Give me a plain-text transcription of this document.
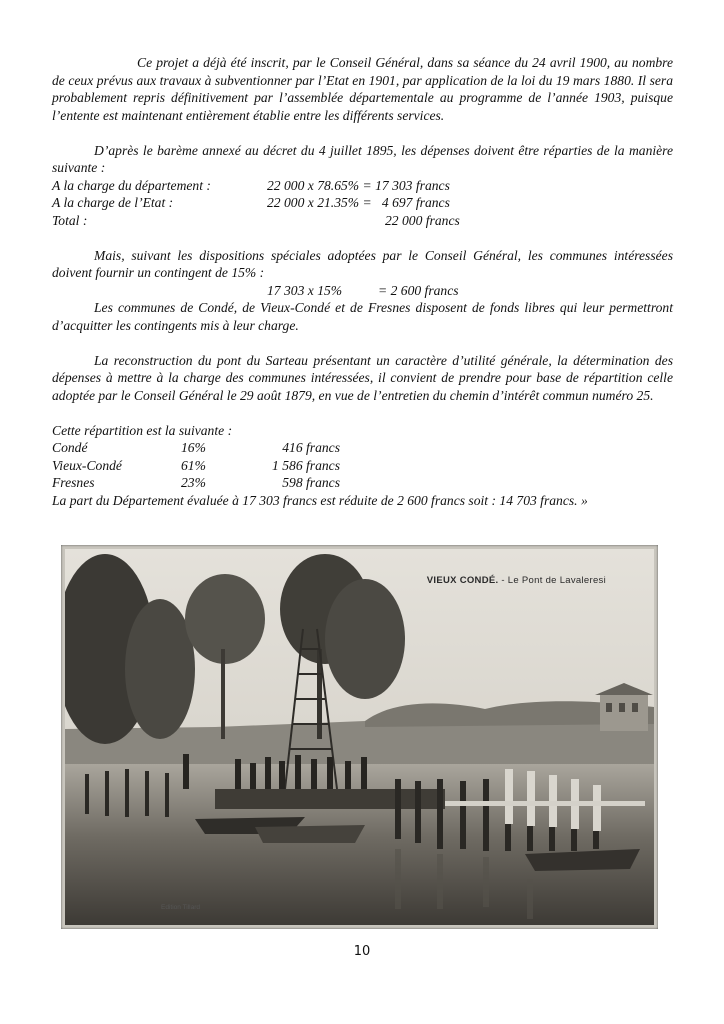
Ce projet a déjà été inscrit, par le Conseil Général, dans sa séance du 24 avril 1900, au nombre de ceux prévus aux travaux à subventionner par l’Etat en 1901, par application de la loi du 19 mars 1880. Il sera probablement repris définitivement par l’assemblée départementale au programme de l’année 1903, puisque l’entente est maintenant entièrement établie entre les différents services.

D’après le barème annexé au décret du 4 juillet 1895, les dépenses doivent être réparties de la manière suivante :

A la charge du département :	22 000 x 78.65% = 17 303 francs
A la charge de l’Etat :	22 000 x 21.35% =   4 697 francs
Total :	22 000 francs

Mais, suivant les dispositions spéciales adoptées par le Conseil Général, les communes intéressées doivent fournir un contingent de 15% :

17 303 x 15%	= 2 600 francs

Les communes de Condé, de Vieux-Condé et de Fresnes disposent de fonds libres qui leur permettront d’acquitter les contingents mis à leur charge.

La reconstruction du pont du Sarteau présentant un caractère d’utilité générale, la détermination des dépenses à mettre à la charge des communes intéressées, il convient de prendre pour base de répartition celle adoptée par le Conseil Général le 29 août 1879, en vue de l’entretien du chemin d’intérêt commun numéro 25.

Cette répartition est la suivante :

Condé	16%	416 francs
Vieux-Condé	61%	1 586 francs
Fresnes	23%	598 francs

La part du Département évaluée à 17 303 francs est réduite de 2 600 francs soit : 14 703 francs. »

VIEUX CONDÉ. - Le Pont de Lavaleresi
Edition Tillard
10
